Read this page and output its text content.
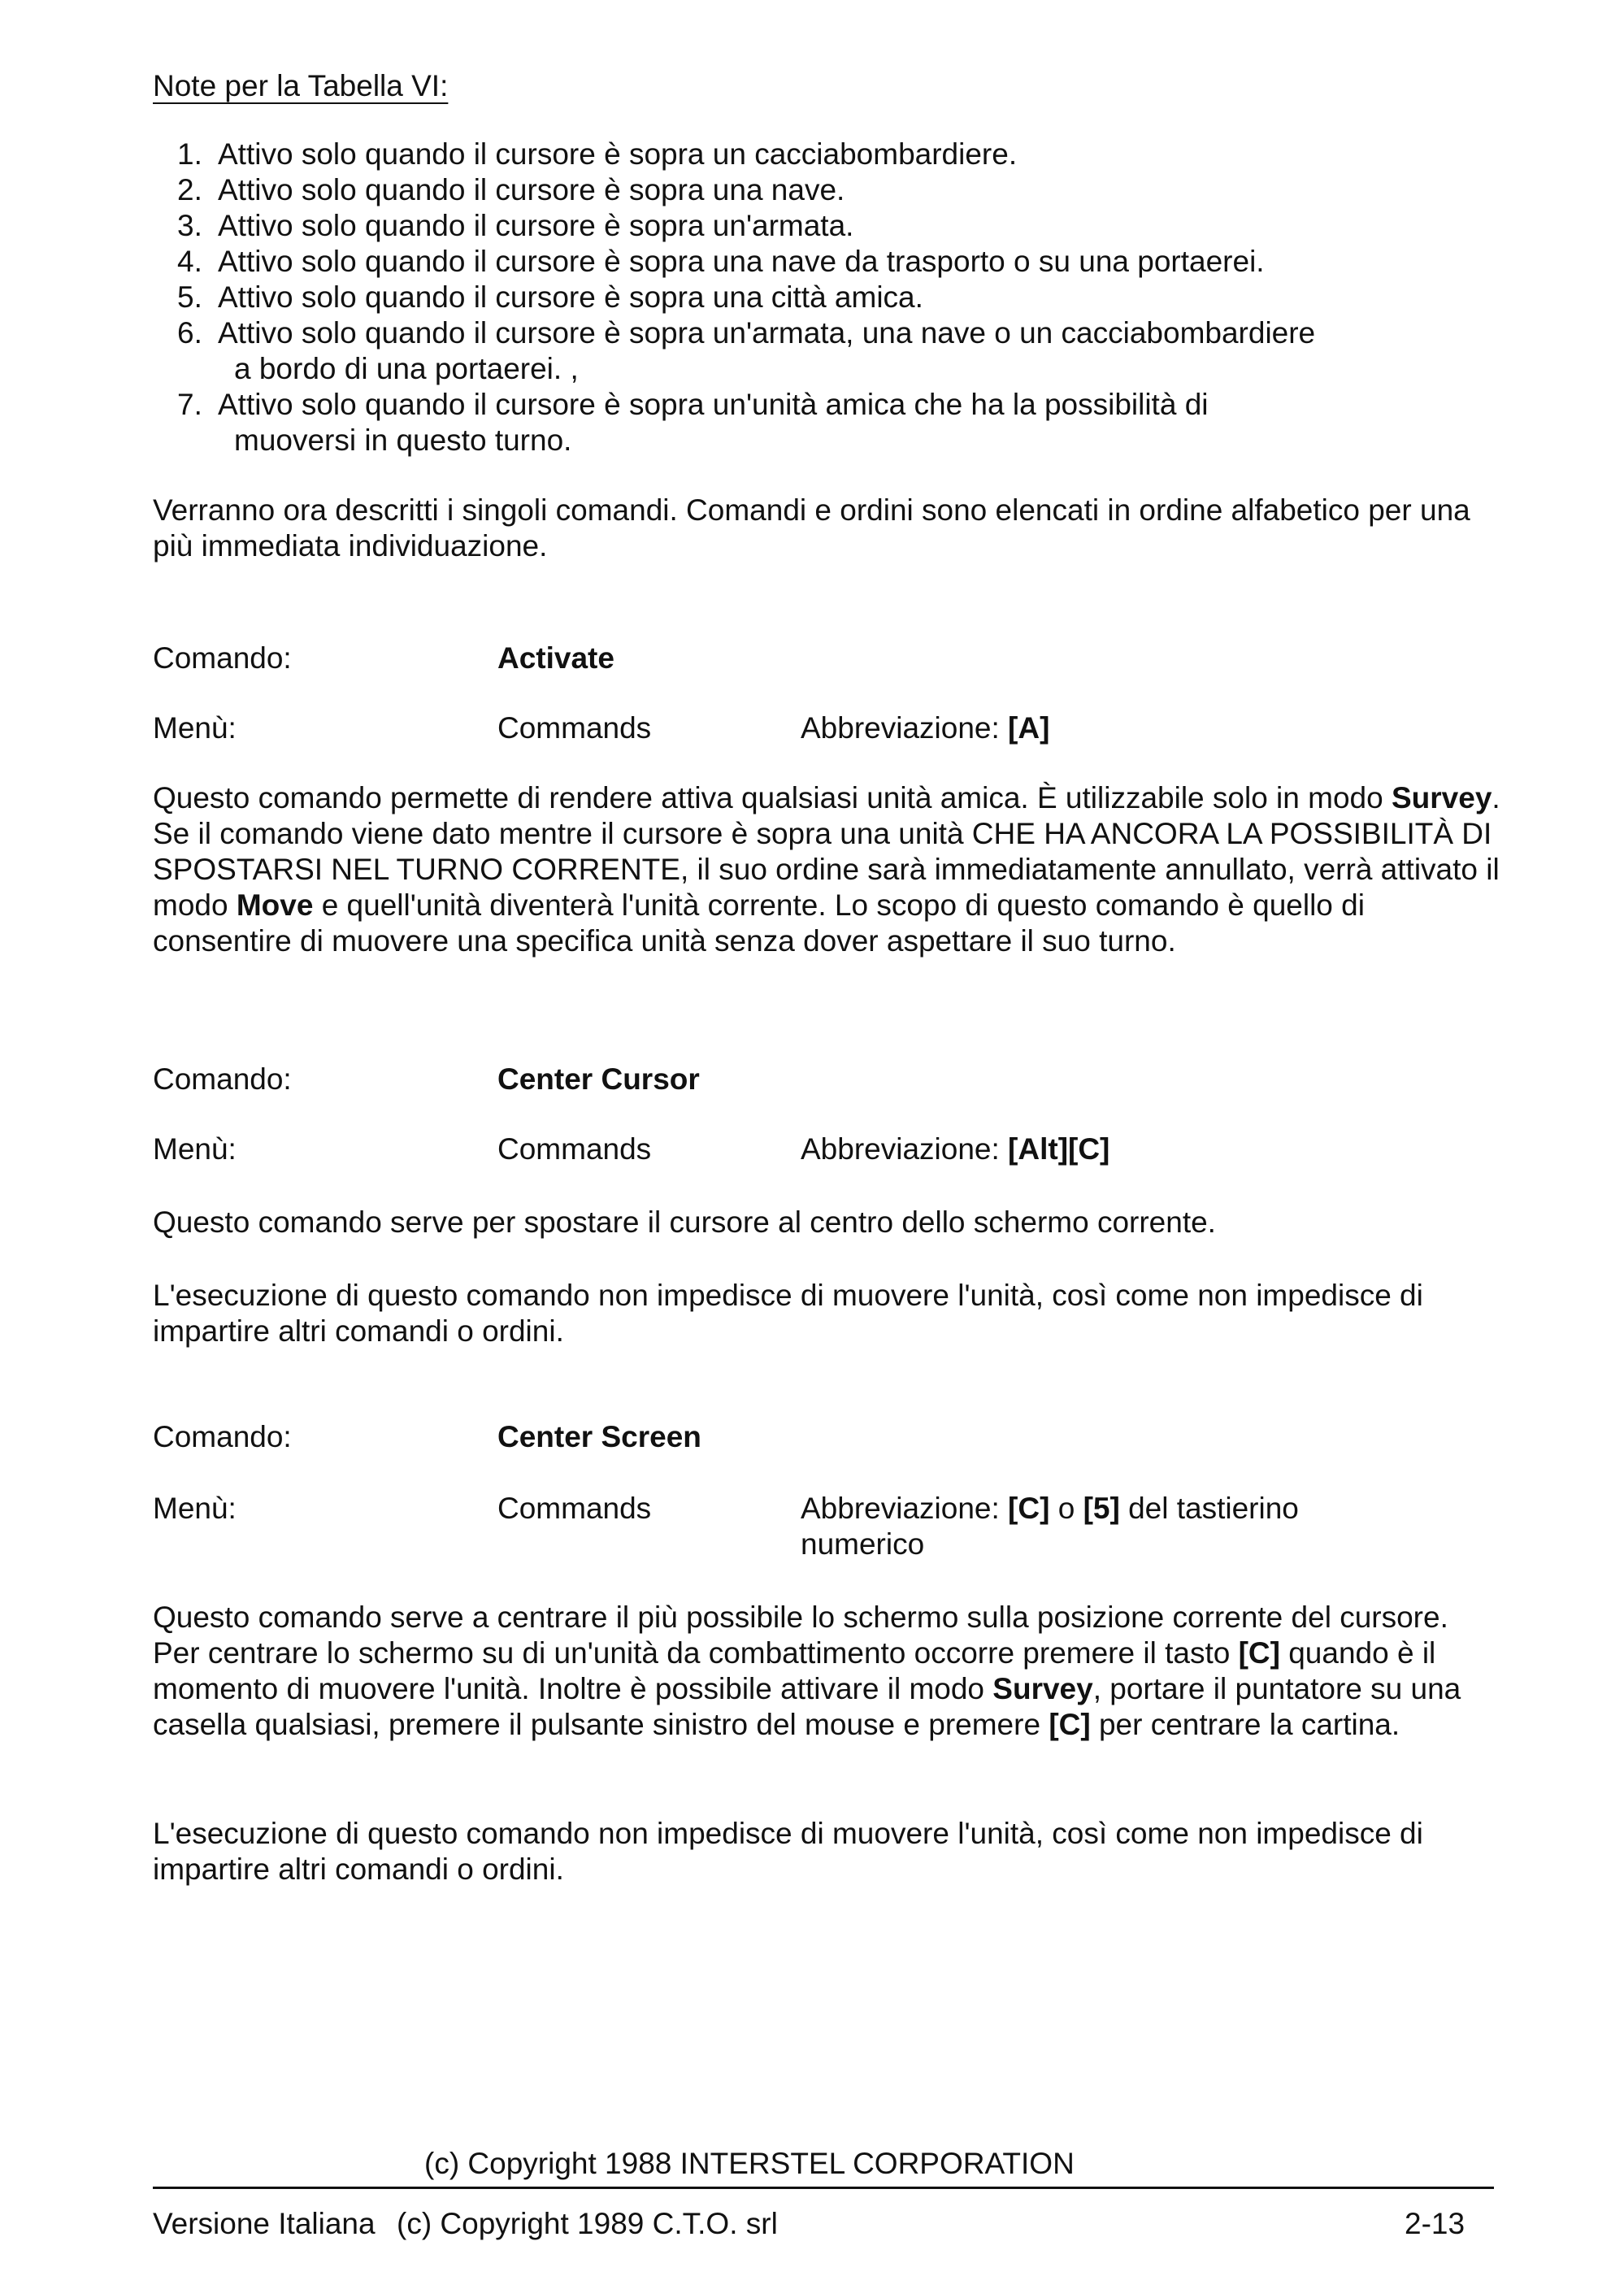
Note per la Tabella VI:
1. Attivo solo quando il cursore è sopra un cacciabombardiere.
2. Attivo solo quando il cursore è sopra una nave.
3. Attivo solo quando il cursore è sopra un'armata.
4. Attivo solo quando il cursore è sopra una nave da trasporto o su una portaerei.
5. Attivo solo quando il cursore è sopra una città amica.
6. Attivo solo quando il cursore è sopra un'armata, una nave o un cacciabombardiere
a bordo di una portaerei. ,
7. Attivo solo quando il cursore è sopra un'unità amica che ha la possibilità di
muoversi in questo turno.

Verranno ora descritti i singoli comandi. Comandi e ordini sono elencati in ordine alfabetico per una più immediata individuazione.

Comando:	Activate
Menù:	Commands	Abbreviazione: [A]

Questo comando permette di rendere attiva qualsiasi unità amica. È utilizzabile solo in modo Survey. Se il comando viene dato mentre il cursore è sopra una unità CHE HA ANCORA LA POSSIBILITÀ DI SPOSTARSI NEL TURNO CORRENTE, il suo ordine sarà immediatamente annullato, verrà attivato il modo Move e quell'unità diventerà l'unità corrente. Lo scopo di questo comando è quello di consentire di muovere una specifica unità senza dover aspettare il suo turno.

Comando:	Center Cursor
Menù:	Commands	Abbreviazione: [Alt][C]

Questo comando serve per spostare il cursore al centro dello schermo corrente.

L'esecuzione di questo comando non impedisce di muovere l'unità, così come non impedisce di impartire altri comandi o ordini.

Comando:	Center Screen
Menù:	Commands	Abbreviazione: [C] o [5] del tastierino
numerico

Questo comando serve a centrare il più possibile lo schermo sulla posizione corrente del cursore. Per centrare lo schermo su di un'unità da combattimento occorre premere il tasto [C] quando è il momento di muovere l'unità. Inoltre è possibile attivare il modo Survey, portare il puntatore su una casella qualsiasi, premere il pulsante sinistro del mouse e premere [C] per centrare la cartina.

L'esecuzione di questo comando non impedisce di muovere l'unità, così come non impedisce di impartire altri comandi o ordini.

(c) Copyright 1988 INTERSTEL CORPORATION
Versione Italiana (c) Copyright 1989 C.T.O. srl	2-13
